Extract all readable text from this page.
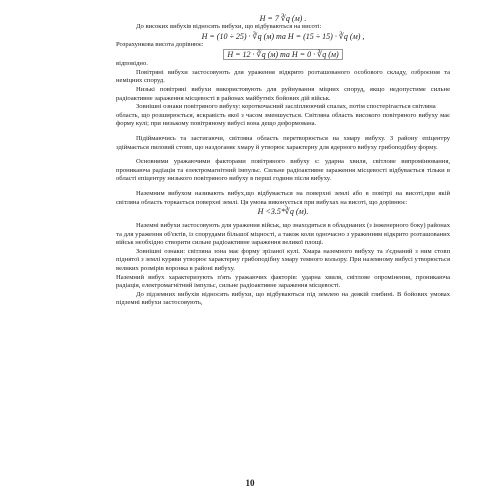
H = 7 ∛q (м) .

До високих вибухів відносять вибухи, що відбуваються на висоті:

H = (10 ÷ 25) · ∛q (м) та H = (15 ÷ 15) · ∛q (м) ,

Розрахункова висота дорівнює:

H = 12 · ∛q (м) та H = 0 · ∛q (м)

відповідно.

Повітряні вибухи застосовують для ураження відкрито розташованого особового складу, озброєння та неміцних споруд.

Низькі повітряні вибухи використовують для руйнування міцних споруд, якщо недопустиме сильне радіоактивне зараження місцевості в районах майбутніх бойових дій військ.

Зовнішні ознаки повітряного вибуху: короткочасний засліплюючий спалах, потім спостерігається світляна

область, що розширюється, яскравість якої з часом зменшується. Світляна область високого повітряного вибуху має форму кулі; при низькому повітряному вибусі вона дещо деформована.

Підіймаючись та застигаючи, світляна область перетворюється на хмару вибуху. З району епіцентру здіймається пиловий стовп, що наздоганяє хмару й утворює характерну для ядерного вибуху грибоподібну форму.

Основними уражаючими факторами повітряного вибуху є: ударна хвиля, світлове випромінювання, проникаюча радіація та електромагнітний імпульс. Сильне радіоактивне зараження місцевості відбувається тільки в області епіцентру низького повітряного вибуху в перші години після вибуху.

Наземним вибухом називають вибух,що відбувається на поверхні землі або в повітрі на висоті,при якій світляна область торкається поверхні землі. Ця умова виконується при вибухах на висоті, що дорівнює:

H <3.5*∛q (м).

Наземні вибухи застосовують для ураження військ, що знаходяться в обладнаних (з інженерного боку) районах та для ураження об'єктів, із спорудами більшої міцності, а також коли одночасно з ураженням відкрито розташованих військ необхідно створити сильне радіоактивне зараження великої площі.

Зовнішні ознаки: світляна зона має форму зрізаної кулі. Хмара наземного вибуху та з'єднаний з ним стовп піднятої з землі куряви утворює характерну грибоподібну хмару темного кольору. При наземному вибусі утворюється великих розмірів воронка в районі вибуху.

Наземний вибух характеризують п'ять уражаючих факторів: ударна хвиля, світлове опромінення, проникаюча радіація, електромагнітний імпульс, сильне радіоактивне зараження місцевості.

До підземних вибухів відносять вибухи, що відбуваються під землею на деякій глибині. В бойових умовах підземні вибухи застосовують,

10
